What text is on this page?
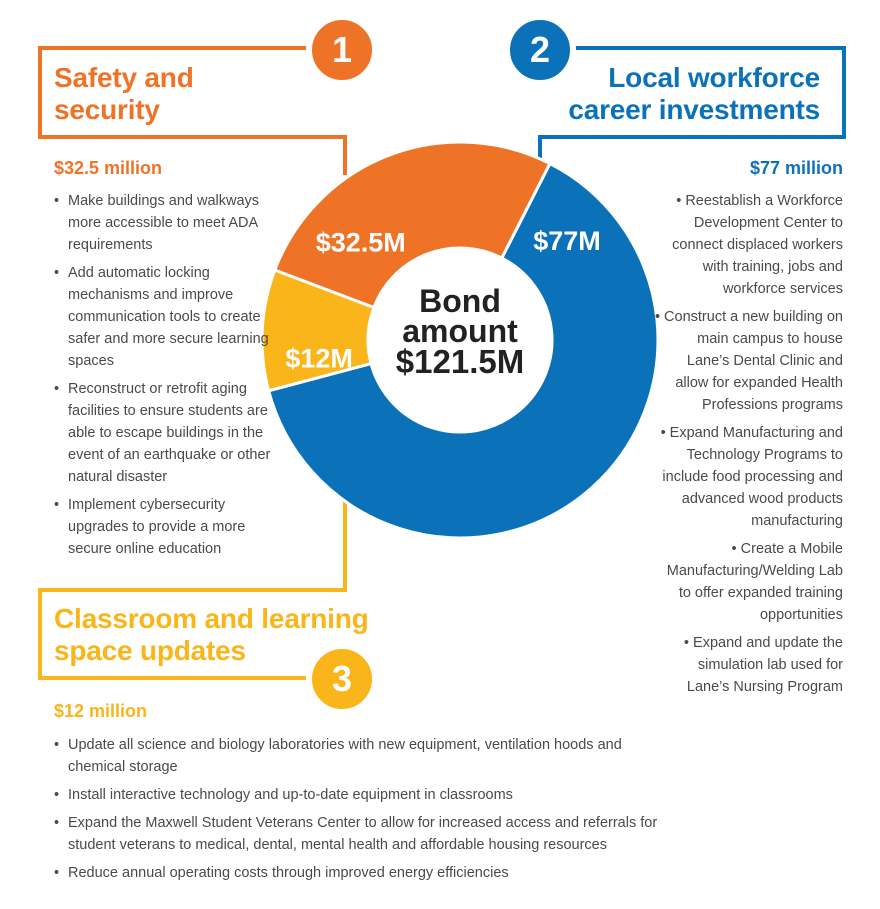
$77M
$12M
$32.5M
Bond
amount
$121.5M
1	2
3
Safety and
security
$32.5 million
• Make buildings and walkways more accessible to meet ADA requirements
• Add automatic locking mechanisms and improve communication tools to create safer and more secure learning spaces
• Reconstruct or retrofit aging facilities to ensure students are able to escape buildings in the event of an earthquake or other natural disaster
• Implement cybersecurity upgrades to provide a more secure online education
Local workforce
career investments
$77 million
• Reestablish a Workforce Development Center to connect displaced workers with training, jobs and workforce services
• Construct a new building on main campus to house Lane’s Dental Clinic and allow for expanded Health Professions programs
• Expand Manufacturing and Technology Programs to include food processing and advanced wood products manufacturing
• Create a Mobile Manufacturing/Welding Lab to offer expanded training opportunities
• Expand and update the simulation lab used for Lane’s Nursing Program
Classroom and learning
space updates
$12 million
• Update all science and biology laboratories with new equipment, ventilation hoods and chemical storage
• Install interactive technology and up-to-date equipment in classrooms
• Expand the Maxwell Student Veterans Center to allow for increased access and referrals for student veterans to medical, dental, mental health and affordable housing resources
• Reduce annual operating costs through improved energy efficiencies
